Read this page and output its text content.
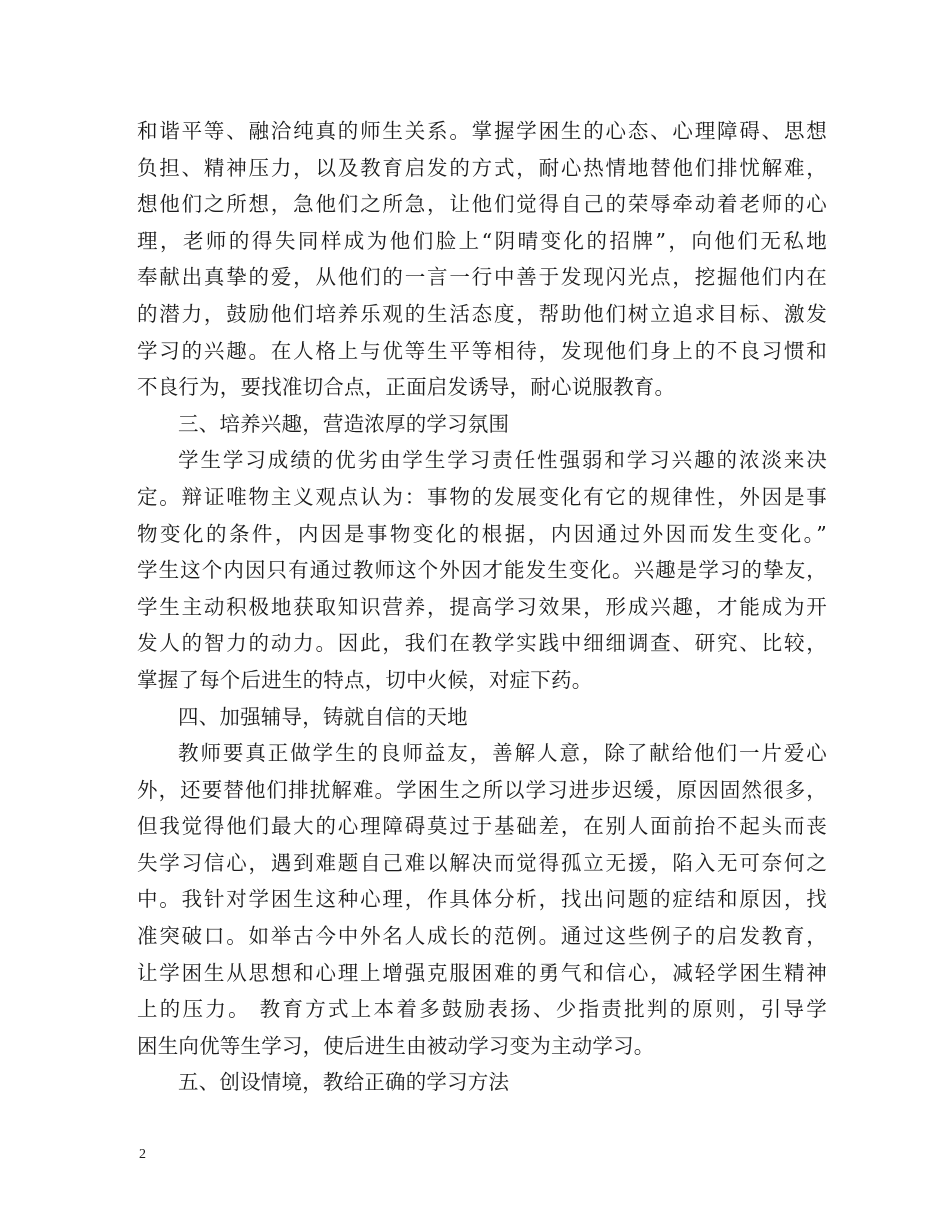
和谐平等、融洽纯真的师生关系。掌握学困生的心态、心理障碍、思想
负担、精神压力，以及教育启发的方式，耐心热情地替他们排忧解难，
想他们之所想，急他们之所急，让他们觉得自己的荣辱牵动着老师的心
理，老师的得失同样成为他们脸上“阴晴变化的招牌”，向他们无私地
奉献出真挚的爱，从他们的一言一行中善于发现闪光点，挖掘他们内在
的潜力，鼓励他们培养乐观的生活态度，帮助他们树立追求目标、激发
学习的兴趣。在人格上与优等生平等相待，发现他们身上的不良习惯和
不良行为，要找准切合点，正面启发诱导，耐心说服教育。
三、培养兴趣，营造浓厚的学习氛围
学生学习成绩的优劣由学生学习责任性强弱和学习兴趣的浓淡来决
定。辩证唯物主义观点认为：事物的发展变化有它的规律性，外因是事
物变化的条件，内因是事物变化的根据，内因通过外因而发生变化。”
学生这个内因只有通过教师这个外因才能发生变化。兴趣是学习的挚友，
学生主动积极地获取知识营养，提高学习效果，形成兴趣，才能成为开
发人的智力的动力。因此，我们在教学实践中细细调查、研究、比较，
掌握了每个后进生的特点，切中火候，对症下药。
四、加强辅导，铸就自信的天地
教师要真正做学生的良师益友，善解人意，除了献给他们一片爱心
外，还要替他们排扰解难。学困生之所以学习进步迟缓，原因固然很多，
但我觉得他们最大的心理障碍莫过于基础差，在别人面前抬不起头而丧
失学习信心，遇到难题自己难以解决而觉得孤立无援，陷入无可奈何之
中。我针对学困生这种心理，作具体分析，找出问题的症结和原因，找
准突破口。如举古今中外名人成长的范例。通过这些例子的启发教育，
让学困生从思想和心理上增强克服困难的勇气和信心，减轻学困生精神
上的压力。 教育方式上本着多鼓励表扬、少指责批判的原则，引导学
困生向优等生学习，使后进生由被动学习变为主动学习。
五、创设情境，教给正确的学习方法
2
